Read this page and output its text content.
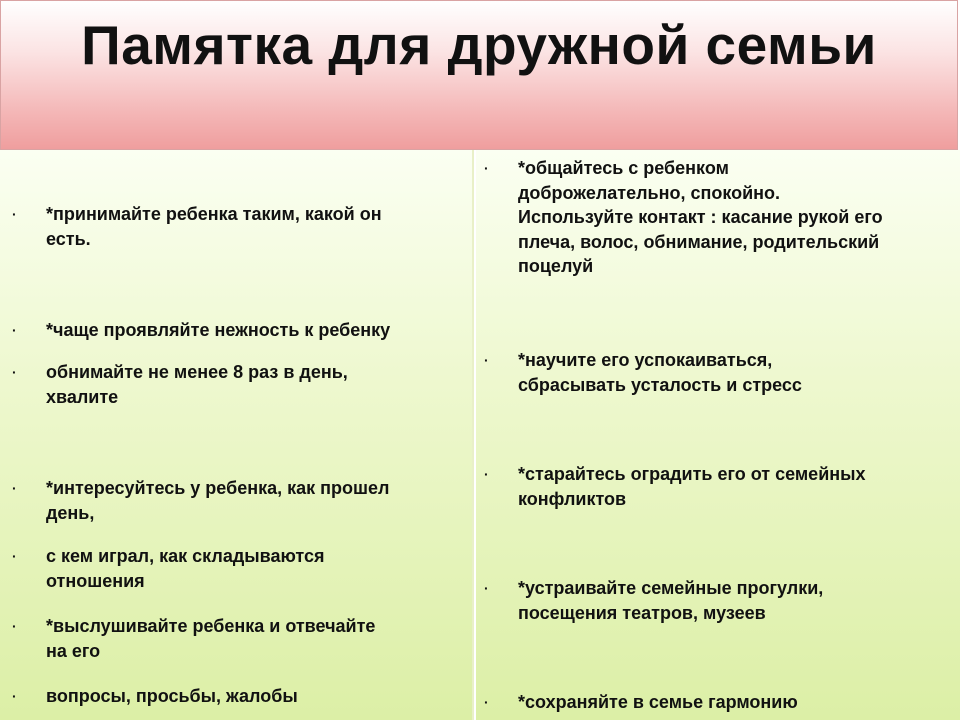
Памятка для дружной семьи
· *принимайте ребенка таким, какой он
есть.
· *чаще проявляйте нежность к ребенку
· обнимайте не менее 8 раз в день,
хвалите
· *интересуйтесь у ребенка, как прошел
день,
· с кем играл, как складываются
отношения
· *выслушивайте ребенка и отвечайте
на его
· вопросы, просьбы, жалобы
· *общайтесь с ребенком
доброжелательно, спокойно.
Используйте контакт : касание рукой его
плеча, волос, обнимание, родительский
поцелуй
· *научите его успокаиваться,
сбрасывать усталость и стресс
· *старайтесь оградить его от семейных
конфликтов
· *устраивайте семейные прогулки,
посещения театров, музеев
· *сохраняйте в семье гармонию
